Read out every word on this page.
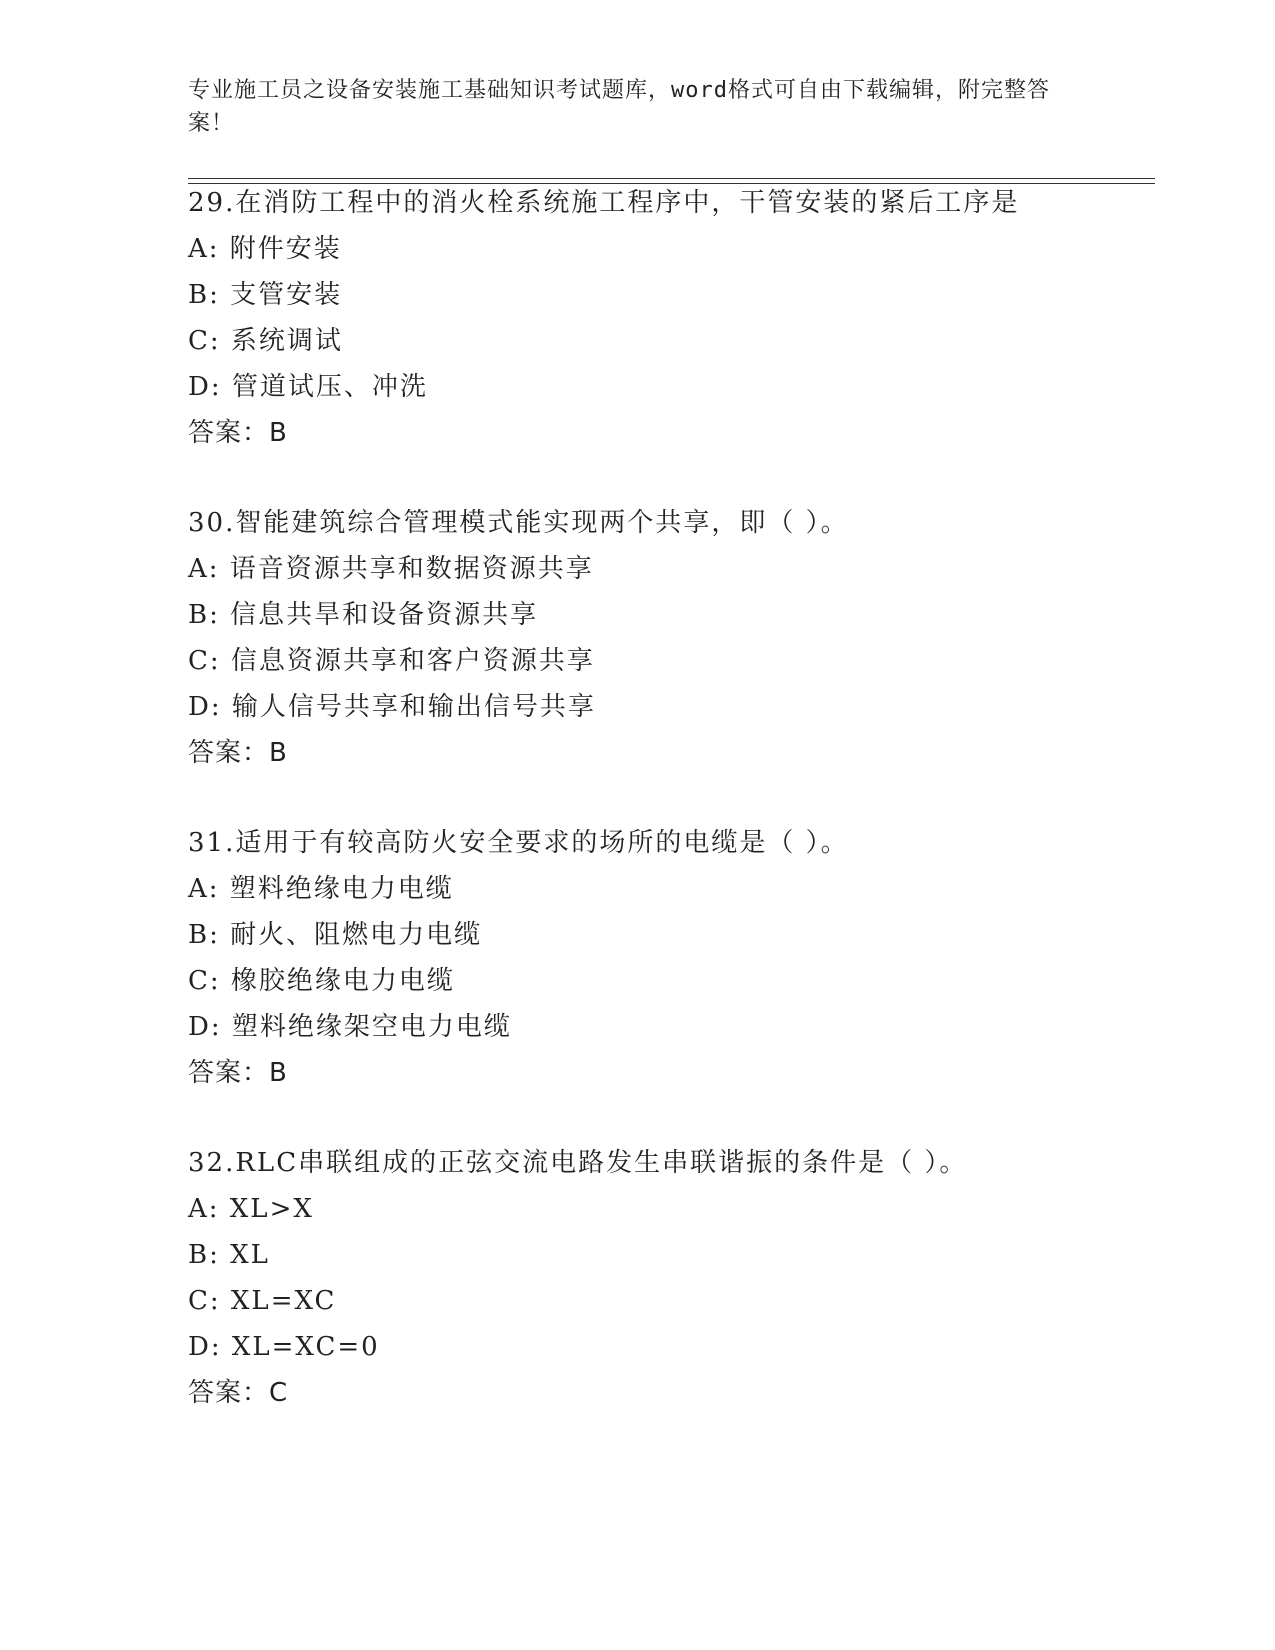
专业施工员之设备安装施工基础知识考试题库，word格式可自由下载编辑，附完整答案！
29.在消防工程中的消火栓系统施工程序中，干管安装的紧后工序是
A: 附件安装
B: 支管安装
C: 系统调试
D: 管道试压、冲洗
答案：B
30.智能建筑综合管理模式能实现两个共享，即（ ）。
A: 语音资源共享和数据资源共享
B: 信息共旱和设备资源共享
C: 信息资源共享和客户资源共享
D: 输人信号共享和输出信号共享
答案：B
31.适用于有较高防火安全要求的场所的电缆是（ ）。
A: 塑料绝缘电力电缆
B: 耐火、阻燃电力电缆
C: 橡胶绝缘电力电缆
D: 塑料绝缘架空电力电缆
答案：B
32.RLC串联组成的正弦交流电路发生串联谐振的条件是（ ）。
A: XL>X
B: XL
C: XL=XC
D: XL=XC=0
答案：C
